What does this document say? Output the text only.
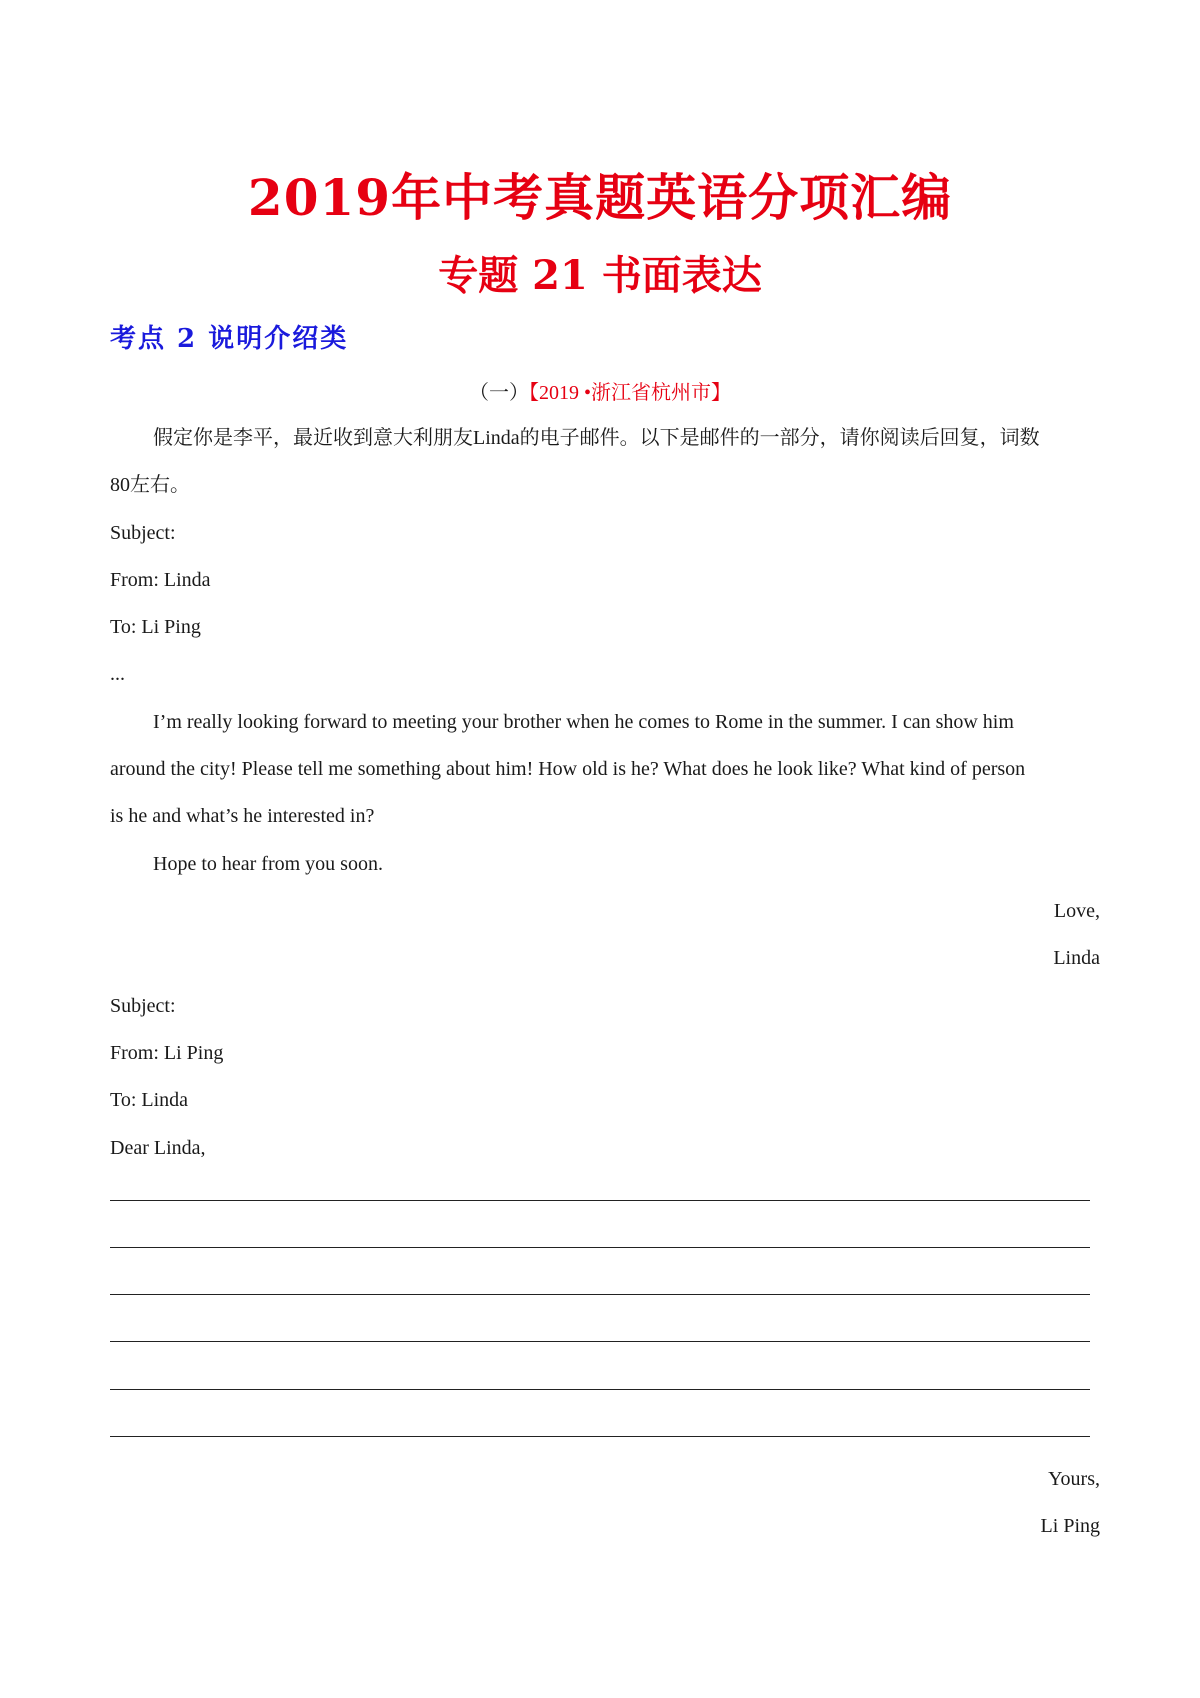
2019年中考真题英语分项汇编
专题 21 书面表达
考点 2 说明介绍类
（一）【2019 •浙江省杭州市】
假定你是李平，最近收到意大利朋友Linda的电子邮件。以下是邮件的一部分，请你阅读后回复，词数
80左右。
Subject:
From: Linda
To: Li Ping
...
I’m really looking forward to meeting your brother when he comes to Rome in the summer. I can show him
around the city! Please tell me something about him! How old is he? What does he look like? What kind of person
is he and what’s he interested in?
Hope to hear from you soon.
Love,
Linda
Subject:
From: Li Ping
To: Linda
Dear Linda,
Yours,
Li Ping
